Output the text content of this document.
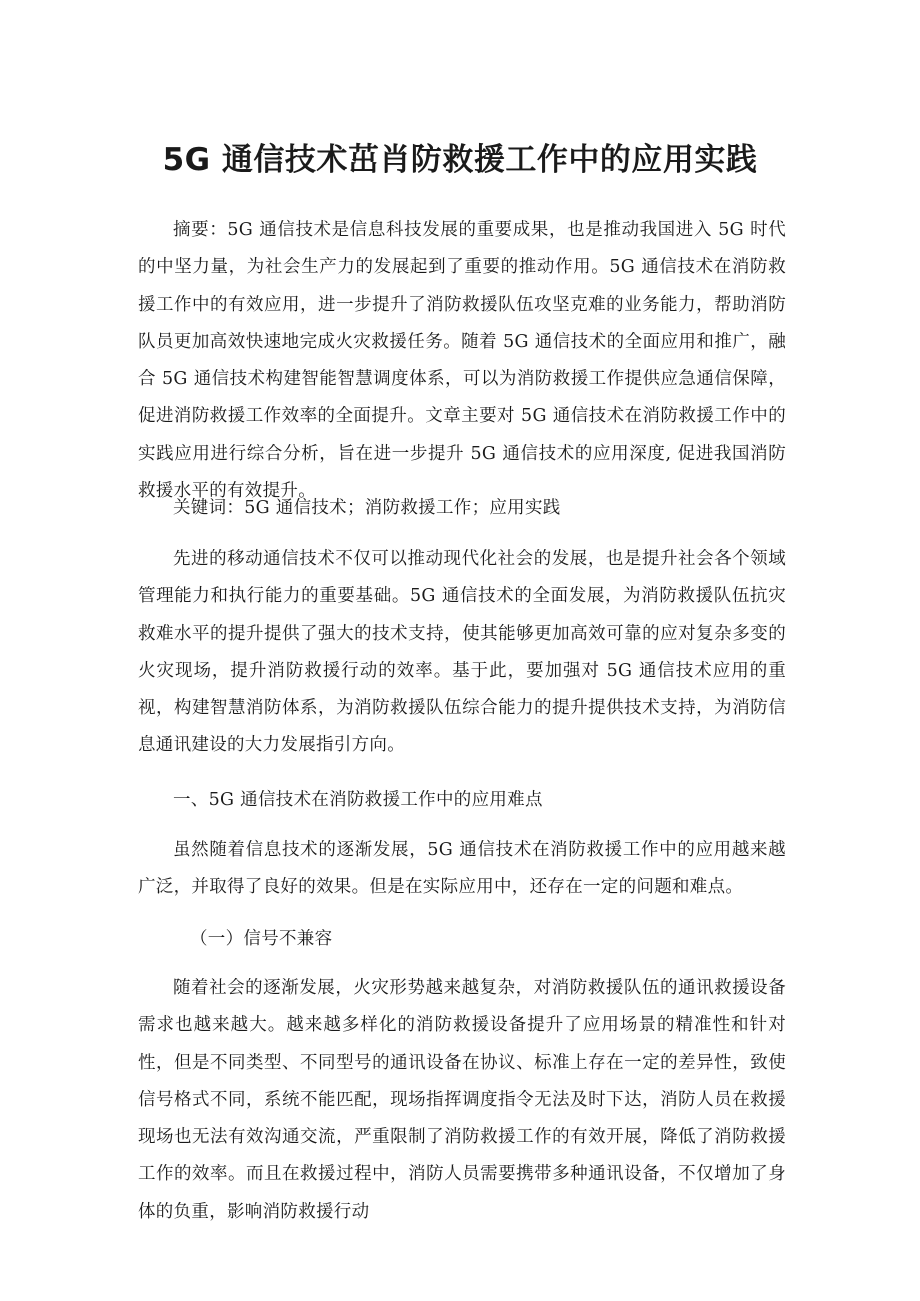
5G 通信技术茁肖防救援工作中的应用实践

摘要：5G 通信技术是信息科技发展的重要成果，也是推动我国进入 5G 时代的中坚力量，为社会生产力的发展起到了重要的推动作用。5G 通信技术在消防救援工作中的有效应用，进一步提升了消防救援队伍攻坚克难的业务能力，帮助消防队员更加高效快速地完成火灾救援任务。随着 5G 通信技术的全面应用和推广，融合 5G 通信技术构建智能智慧调度体系，可以为消防救援工作提供应急通信保障，促进消防救援工作效率的全面提升。文章主要对 5G 通信技术在消防救援工作中的实践应用进行综合分析，旨在进一步提升 5G 通信技术的应用深度, 促进我国消防救援水平的有效提升。

关键词：5G 通信技术；消防救援工作；应用实践

先进的移动通信技术不仅可以推动现代化社会的发展，也是提升社会各个领域管理能力和执行能力的重要基础。5G 通信技术的全面发展，为消防救援队伍抗灾救难水平的提升提供了强大的技术支持，使其能够更加高效可靠的应对复杂多变的火灾现场，提升消防救援行动的效率。基于此，要加强对 5G 通信技术应用的重视，构建智慧消防体系，为消防救援队伍综合能力的提升提供技术支持，为消防信息通讯建设的大力发展指引方向。

一、5G 通信技术在消防救援工作中的应用难点

虽然随着信息技术的逐渐发展，5G 通信技术在消防救援工作中的应用越来越广泛，并取得了良好的效果。但是在实际应用中，还存在一定的问题和难点。

（一）信号不兼容

随着社会的逐渐发展，火灾形势越来越复杂，对消防救援队伍的通讯救援设备需求也越来越大。越来越多样化的消防救援设备提升了应用场景的精准性和针对性，但是不同类型、不同型号的通讯设备在协议、标准上存在一定的差异性，致使信号格式不同，系统不能匹配，现场指挥调度指令无法及时下达，消防人员在救援现场也无法有效沟通交流，严重限制了消防救援工作的有效开展，降低了消防救援工作的效率。而且在救援过程中，消防人员需要携带多种通讯设备，不仅增加了身体的负重，影响消防救援行动
